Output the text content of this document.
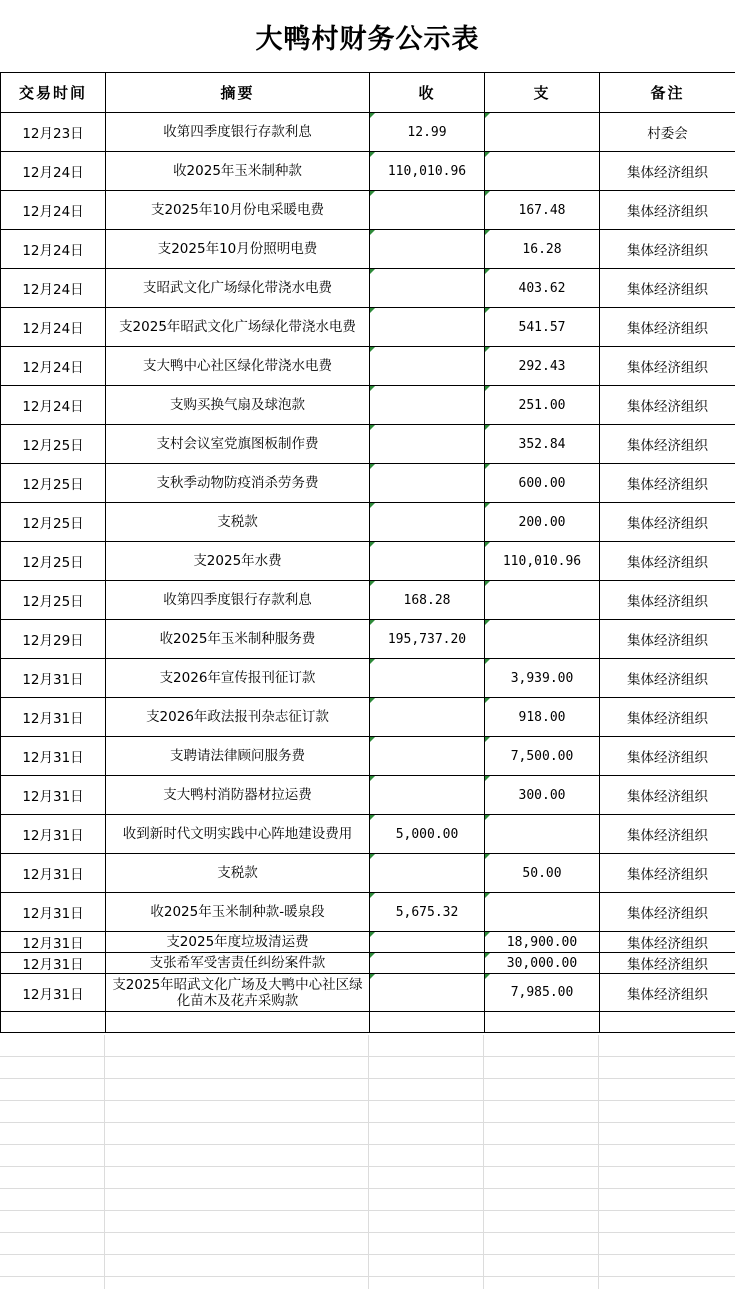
大鸭村财务公示表
交易时间	摘要	收	支	备注
12月23日	收第四季度银行存款利息	12.99		村委会
12月24日	收2025年玉米制种款	110,010.96		集体经济组织
12月24日	支2025年10月份电采暖电费		167.48	集体经济组织
12月24日	支2025年10月份照明电费		16.28	集体经济组织
12月24日	支昭武文化广场绿化带浇水电费		403.62	集体经济组织
12月24日	支2025年昭武文化广场绿化带浇水电费		541.57	集体经济组织
12月24日	支大鸭中心社区绿化带浇水电费		292.43	集体经济组织
12月24日	支购买换气扇及球泡款		251.00	集体经济组织
12月25日	支村会议室党旗图板制作费		352.84	集体经济组织
12月25日	支秋季动物防疫消杀劳务费		600.00	集体经济组织
12月25日	支税款		200.00	集体经济组织
12月25日	支2025年水费		110,010.96	集体经济组织
12月25日	收第四季度银行存款利息	168.28		集体经济组织
12月29日	收2025年玉米制种服务费	195,737.20		集体经济组织
12月31日	支2026年宣传报刊征订款		3,939.00	集体经济组织
12月31日	支2026年政法报刊杂志征订款		918.00	集体经济组织
12月31日	支聘请法律顾问服务费		7,500.00	集体经济组织
12月31日	支大鸭村消防器材拉运费		300.00	集体经济组织
12月31日	收到新时代文明实践中心阵地建设费用	5,000.00		集体经济组织
12月31日	支税款		50.00	集体经济组织
12月31日	收2025年玉米制种款-暖泉段	5,675.32		集体经济组织
12月31日	支2025年度垃圾清运费		18,900.00	集体经济组织
12月31日	支张希军受害责任纠纷案件款		30,000.00	集体经济组织
12月31日	支2025年昭武文化广场及大鸭中心社区绿化苗木及花卉采购款		7,985.00	集体经济组织
